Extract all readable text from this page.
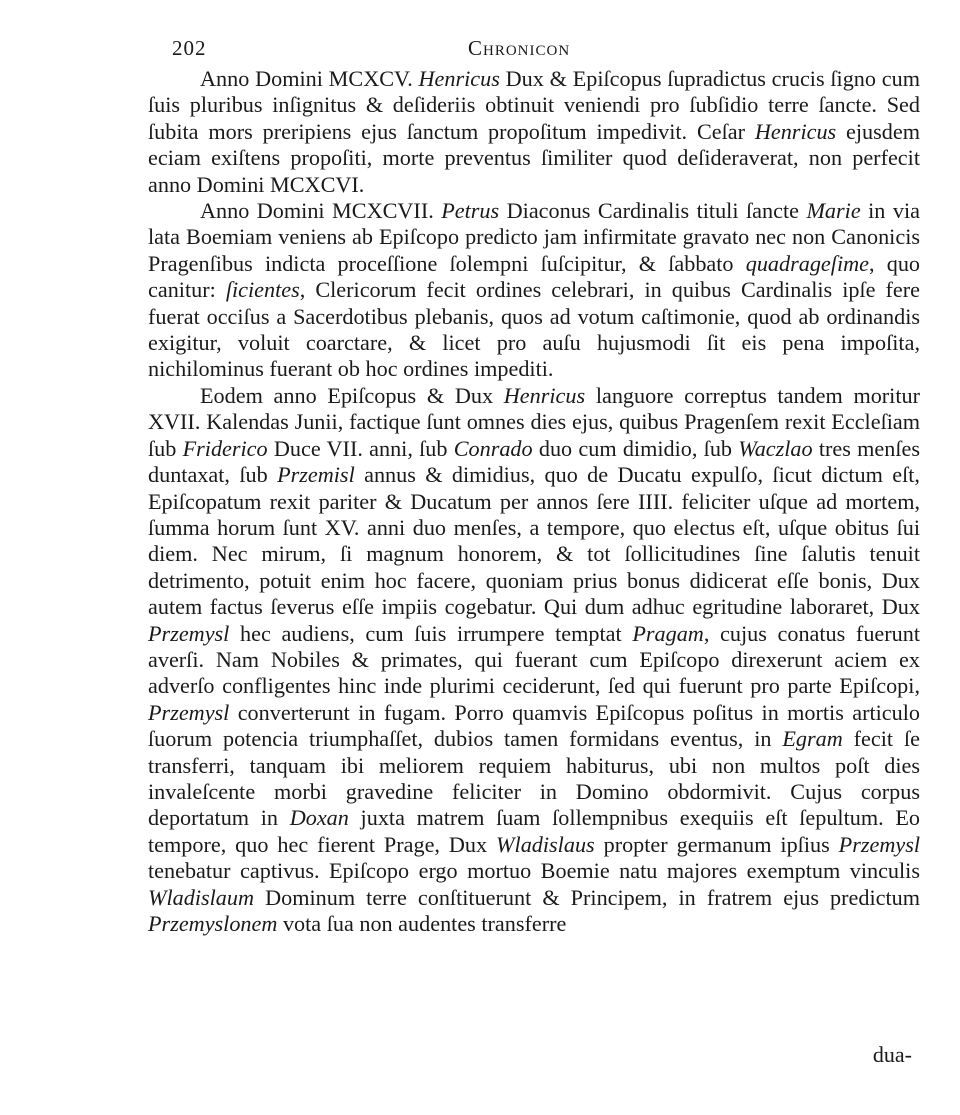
202	Chronicon

Anno Domini MCXCV. Henricus Dux & Epiſcopus ſupradictus crucis ſigno cum ſuis pluribus inſignitus & deſideriis obtinuit veniendi pro ſubſidio terre ſancte. Sed ſubita mors preripiens ejus ſanctum propoſitum impedivit. Ceſar Henricus ejusdem eciam exiſtens propoſiti, morte preventus ſimiliter quod deſideraverat, non perfecit anno Domini MCXCVI.

Anno Domini MCXCVII. Petrus Diaconus Cardinalis tituli ſancte Marie in via lata Boemiam veniens ab Epiſcopo predicto jam infirmitate gravato nec non Canonicis Pragenſibus indicta proceſſione ſolempni ſuſcipitur, & ſabbato quadrageſime, quo canitur: ſicientes, Clericorum fecit ordines celebrari, in quibus Cardinalis ipſe fere fuerat occiſus a Sacerdotibus plebanis, quos ad votum caſtimonie, quod ab ordinandis exigitur, voluit coarctare, & licet pro auſu hujusmodi ſit eis pena impoſita, nichilominus fuerant ob hoc ordines impediti.

Eodem anno Epiſcopus & Dux Henricus languore correptus tandem moritur XVII. Kalendas Junii, factique ſunt omnes dies ejus, quibus Pragenſem rexit Eccleſiam ſub Friderico Duce VII. anni, ſub Conrado duo cum dimidio, ſub Waczlao tres menſes duntaxat, ſub Przemisl annus & dimidius, quo de Ducatu expulſo, ſicut dictum eſt, Epiſcopatum rexit pariter & Ducatum per annos ſere IIII. feliciter uſque ad mortem, ſumma horum ſunt XV. anni duo menſes, a tempore, quo electus eſt, uſque obitus ſui diem. Nec mirum, ſi magnum honorem, & tot ſollicitudines ſine ſalutis tenuit detrimento, potuit enim hoc facere, quoniam prius bonus didicerat eſſe bonis, Dux autem factus ſeverus eſſe impiis cogebatur. Qui dum adhuc egritudine laboraret, Dux Przemysl hec audiens, cum ſuis irrumpere temptat Pragam, cujus conatus fuerunt averſi. Nam Nobiles & primates, qui fuerant cum Epiſcopo direxerunt aciem ex adverſo confligentes hinc inde plurimi ceciderunt, ſed qui fuerunt pro parte Epiſcopi, Przemysl converterunt in fugam. Porro quamvis Epiſcopus poſitus in mortis articulo ſuorum potencia triumphaſſet, dubios tamen formidans eventus, in Egram fecit ſe transferri, tanquam ibi meliorem requiem habiturus, ubi non multos poſt dies invaleſcente morbi gravedine feliciter in Domino obdormivit. Cujus corpus deportatum in Doxan juxta matrem ſuam ſollempnibus exequiis eſt ſepultum. Eo tempore, quo hec fierent Prage, Dux Wladislaus propter germanum ipſius Przemysl tenebatur captivus. Epiſcopo ergo mortuo Boemie natu majores exemptum vinculis Wladislaum Dominum terre conſtituerunt & Principem, in fratrem ejus predictum Przemyslonem vota ſua non audentes transferre

dua-
